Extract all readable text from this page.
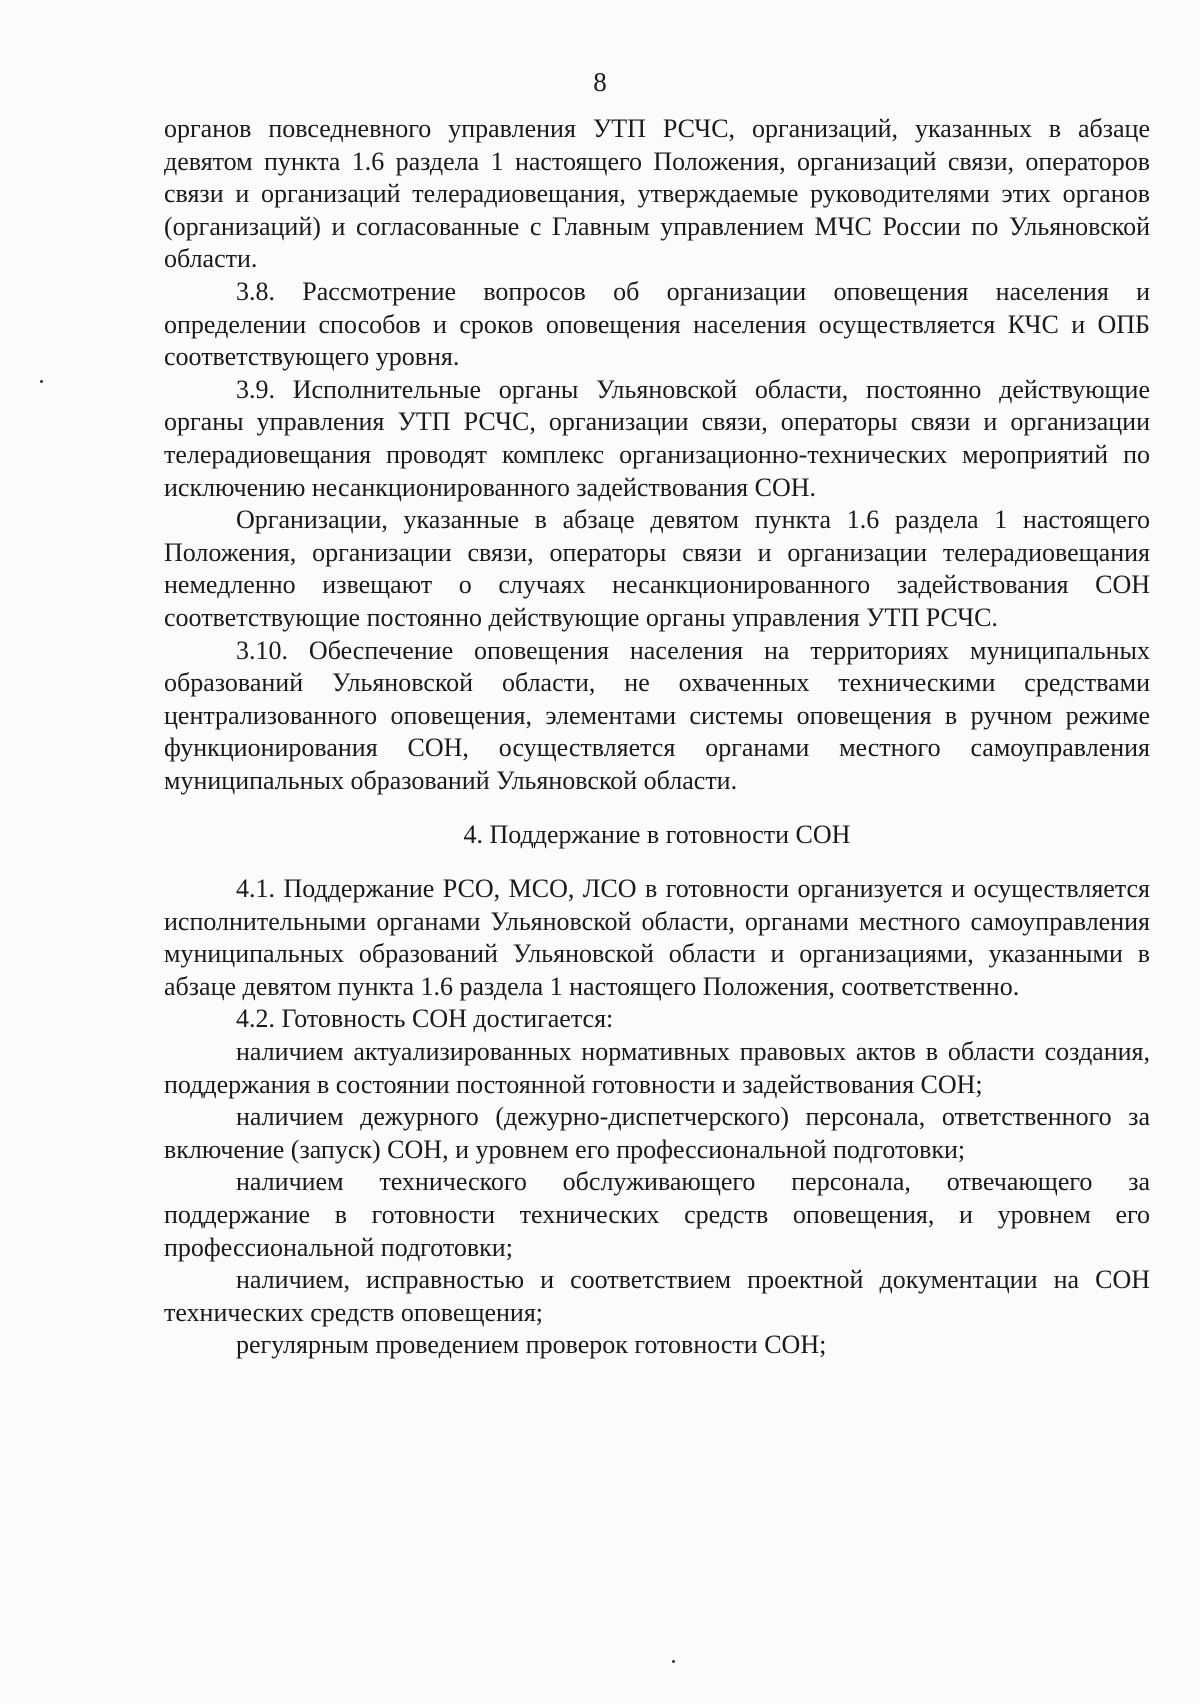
8

органов повседневного управления УТП РСЧС, организаций, указанных в абзаце девятом пункта 1.6 раздела 1 настоящего Положения, организаций связи, операторов связи и организаций телерадиовещания, утверждаемые руководителями этих органов (организаций) и согласованные с Главным управлением МЧС России по Ульяновской области.

3.8. Рассмотрение вопросов об организации оповещения населения и определении способов и сроков оповещения населения осуществляется КЧС и ОПБ соответствующего уровня.

3.9. Исполнительные органы Ульяновской области, постоянно действующие органы управления УТП РСЧС, организации связи, операторы связи и организации телерадиовещания проводят комплекс организационно-технических мероприятий по исключению несанкционированного задействования СОН.

Организации, указанные в абзаце девятом пункта 1.6 раздела 1 настоящего Положения, организации связи, операторы связи и организации телерадиовещания немедленно извещают о случаях несанкционированного задействования СОН соответствующие постоянно действующие органы управления УТП РСЧС.

3.10. Обеспечение оповещения населения на территориях муниципальных образований Ульяновской области, не охваченных техническими средствами централизованного оповещения, элементами системы оповещения в ручном режиме функционирования СОН, осуществляется органами местного самоуправления муниципальных образований Ульяновской области.

4. Поддержание в готовности СОН

4.1. Поддержание РСО, МСО, ЛСО в готовности организуется и осуществляется исполнительными органами Ульяновской области, органами местного самоуправления муниципальных образований Ульяновской области и организациями, указанными в абзаце девятом пункта 1.6 раздела 1 настоящего Положения, соответственно.

4.2. Готовность СОН достигается:

наличием актуализированных нормативных правовых актов в области создания, поддержания в состоянии постоянной готовности и задействования СОН;

наличием дежурного (дежурно-диспетчерского) персонала, ответственного за включение (запуск) СОН, и уровнем его профессиональной подготовки;

наличием технического обслуживающего персонала, отвечающего за поддержание в готовности технических средств оповещения, и уровнем его профессиональной подготовки;

наличием, исправностью и соответствием проектной документации на СОН технических средств оповещения;

регулярным проведением проверок готовности СОН;
